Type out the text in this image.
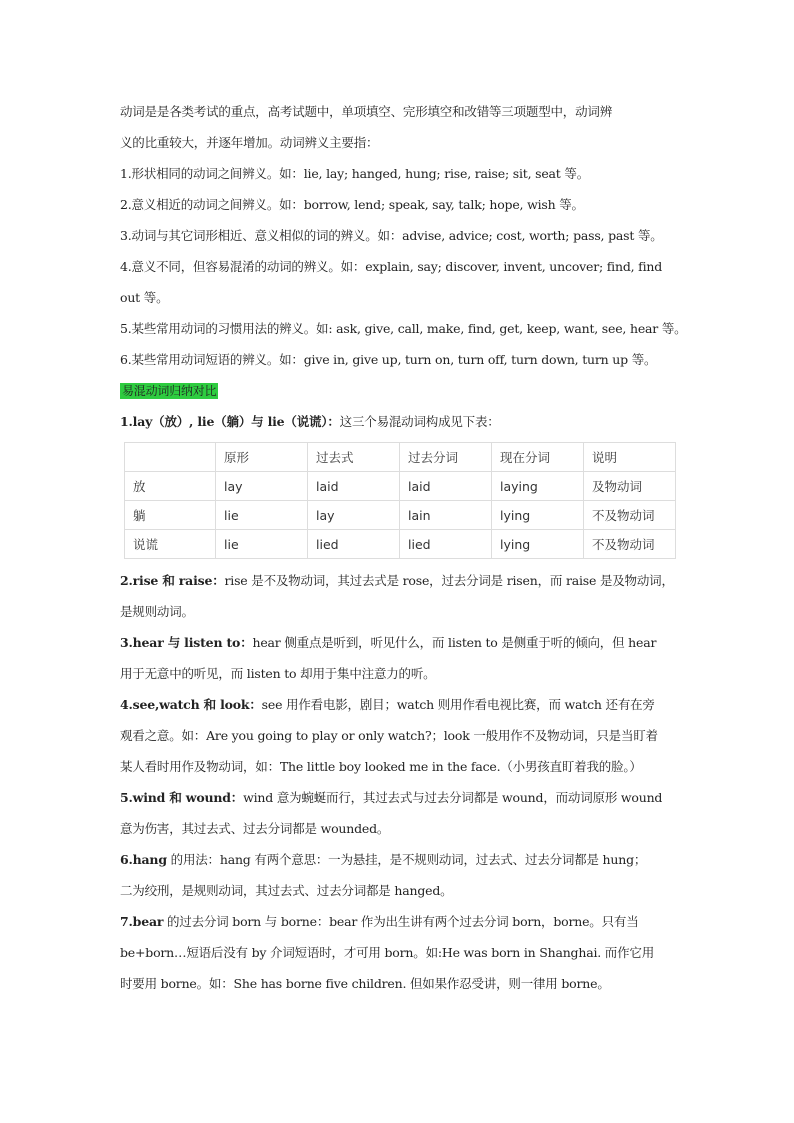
动词是是各类考试的重点，高考试题中，单项填空、完形填空和改错等三项题型中，动词辨
义的比重较大，并逐年增加。动词辨义主要指：
1.形状相同的动词之间辨义。如：lie, lay; hanged, hung; rise, raise; sit, seat 等。
2.意义相近的动词之间辨义。如：borrow, lend; speak, say, talk; hope, wish 等。
3.动词与其它词形相近、意义相似的词的辨义。如：advise, advice; cost, worth; pass, past 等。
4.意义不同，但容易混淆的动词的辨义。如：explain, say; discover, invent, uncover; find, find
out 等。
5.某些常用动词的习惯用法的辨义。如: ask, give, call, make, find, get, keep, want, see, hear 等。
6.某些常用动词短语的辨义。如：give in, give up, turn on, turn off, turn down, turn up 等。
易混动词归纳对比
1.lay（放）, lie（躺）与 lie（说谎）：这三个易混动词构成见下表：
	原形	过去式	过去分词	现在分词	说明
放	lay	laid	laid	laying	及物动词
躺	lie	lay	lain	lying	不及物动词
说谎	lie	lied	lied	lying	不及物动词
2.rise 和 raise：rise 是不及物动词，其过去式是 rose，过去分词是 risen，而 raise 是及物动词，
是规则动词。
3.hear 与 listen to：hear 侧重点是听到，听见什么，而 listen to 是侧重于听的倾向，但 hear
用于无意中的听见，而 listen to 却用于集中注意力的听。
4.see,watch 和 look：see 用作看电影，剧目；watch 则用作看电视比赛，而 watch 还有在旁
观看之意。如：Are you going to play or only watch?；look 一般用作不及物动词，只是当盯着
某人看时用作及物动词，如：The little boy looked me in the face.（小男孩直盯着我的脸。）
5.wind 和 wound：wind 意为蜿蜒而行，其过去式与过去分词都是 wound，而动词原形 wound
意为伤害，其过去式、过去分词都是 wounded。
6.hang 的用法：hang 有两个意思：一为悬挂，是不规则动词，过去式、过去分词都是 hung；
二为绞刑，是规则动词，其过去式、过去分词都是 hanged。
7.bear 的过去分词 born 与 borne：bear 作为出生讲有两个过去分词 born，borne。只有当
be+born…短语后没有 by 介词短语时，才可用 born。如:He was born in Shanghai. 而作它用
时要用 borne。如：She has borne five children. 但如果作忍受讲，则一律用 borne。
